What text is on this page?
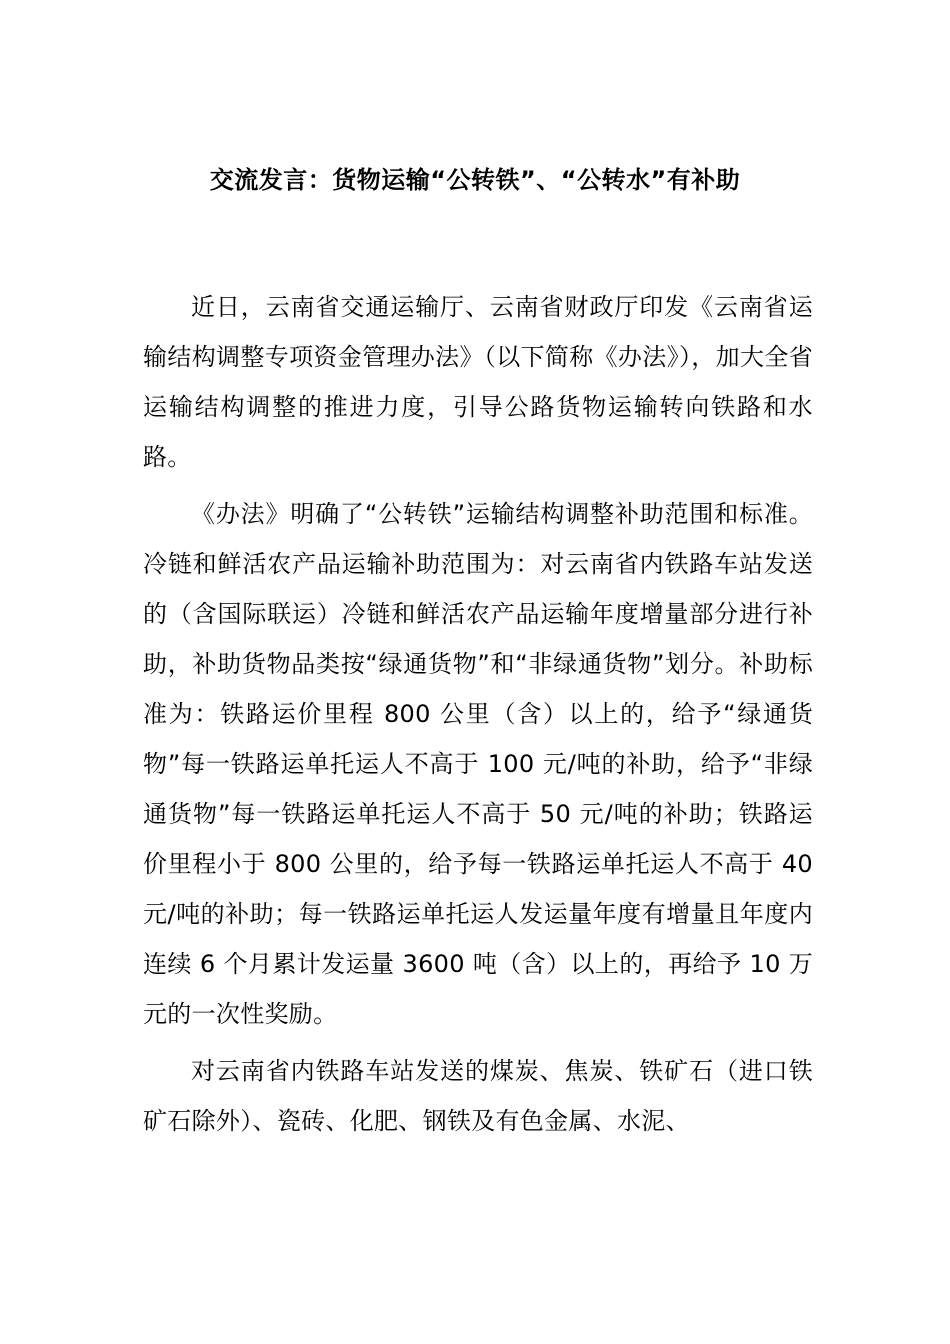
交流发言：货物运输“公转铁”、“公转水”有补助

近日，云南省交通运输厅、云南省财政厅印发《云南省运输结构调整专项资金管理办法》（以下简称《办法》），加大全省运输结构调整的推进力度，引导公路货物运输转向铁路和水路。

《办法》明确了“公转铁”运输结构调整补助范围和标准。冷链和鲜活农产品运输补助范围为：对云南省内铁路车站发送的（含国际联运）冷链和鲜活农产品运输年度增量部分进行补助，补助货物品类按“绿通货物”和“非绿通货物”划分。补助标准为：铁路运价里程 800 公里（含）以上的，给予“绿通货物”每一铁路运单托运人不高于 100 元/吨的补助，给予“非绿通货物”每一铁路运单托运人不高于 50 元/吨的补助；铁路运价里程小于 800 公里的，给予每一铁路运单托运人不高于 40 元/吨的补助；每一铁路运单托运人发运量年度有增量且年度内连续 6 个月累计发运量 3600 吨（含）以上的，再给予 10 万元的一次性奖励。

对云南省内铁路车站发送的煤炭、焦炭、铁矿石（进口铁矿石除外）、瓷砖、化肥、钢铁及有色金属、水泥、
